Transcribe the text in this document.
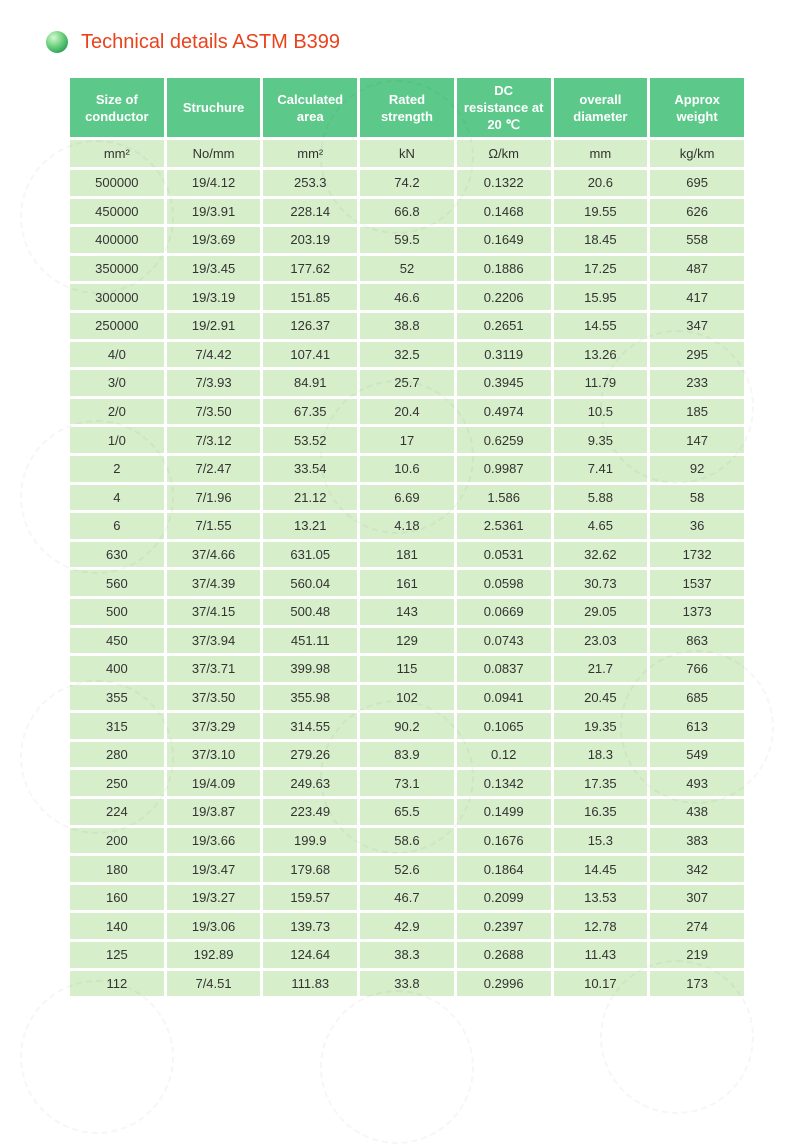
Technical details ASTM B399
Size of conductor	Struchure	Calculated area	Rated strength	DC resistance at 20 ℃	overall diameter	Approx weight
mm²	No/mm	mm²	kN	Ω/km	mm	kg/km
500000	19/4.12	253.3	74.2	0.1322	20.6	695
450000	19/3.91	228.14	66.8	0.1468	19.55	626
400000	19/3.69	203.19	59.5	0.1649	18.45	558
350000	19/3.45	177.62	52	0.1886	17.25	487
300000	19/3.19	151.85	46.6	0.2206	15.95	417
250000	19/2.91	126.37	38.8	0.2651	14.55	347
4/0	7/4.42	107.41	32.5	0.3119	13.26	295
3/0	7/3.93	84.91	25.7	0.3945	11.79	233
2/0	7/3.50	67.35	20.4	0.4974	10.5	185
1/0	7/3.12	53.52	17	0.6259	9.35	147
2	7/2.47	33.54	10.6	0.9987	7.41	92
4	7/1.96	21.12	6.69	1.586	5.88	58
6	7/1.55	13.21	4.18	2.5361	4.65	36
630	37/4.66	631.05	181	0.0531	32.62	1732
560	37/4.39	560.04	161	0.0598	30.73	1537
500	37/4.15	500.48	143	0.0669	29.05	1373
450	37/3.94	451.11	129	0.0743	23.03	863
400	37/3.71	399.98	115	0.0837	21.7	766
355	37/3.50	355.98	102	0.0941	20.45	685
315	37/3.29	314.55	90.2	0.1065	19.35	613
280	37/3.10	279.26	83.9	0.12	18.3	549
250	19/4.09	249.63	73.1	0.1342	17.35	493
224	19/3.87	223.49	65.5	0.1499	16.35	438
200	19/3.66	199.9	58.6	0.1676	15.3	383
180	19/3.47	179.68	52.6	0.1864	14.45	342
160	19/3.27	159.57	46.7	0.2099	13.53	307
140	19/3.06	139.73	42.9	0.2397	12.78	274
125	192.89	124.64	38.3	0.2688	11.43	219
112	7/4.51	111.83	33.8	0.2996	10.17	173
